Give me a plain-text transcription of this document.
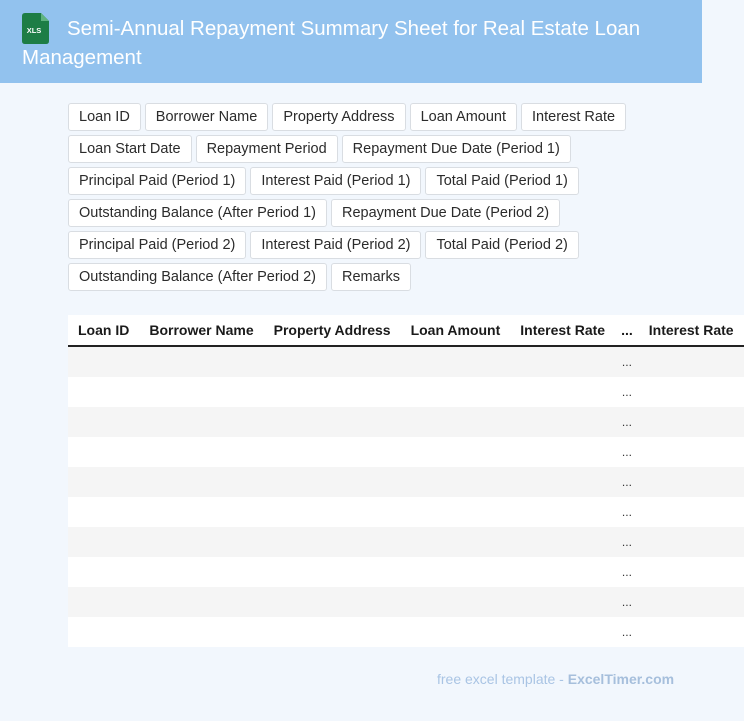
XLS	Semi-Annual Repayment Summary Sheet for Real Estate Loan Management
Loan ID	Borrower Name	Property Address	Loan Amount	Interest Rate
Loan Start Date	Repayment Period	Repayment Due Date (Period 1)
Principal Paid (Period 1)	Interest Paid (Period 1)	Total Paid (Period 1)
Outstanding Balance (After Period 1)	Repayment Due Date (Period 2)
Principal Paid (Period 2)	Interest Paid (Period 2)	Total Paid (Period 2)
Outstanding Balance (After Period 2)	Remarks
Loan ID	Borrower Name	Property Address	Loan Amount	Interest Rate	...	Interest Rate
					...	
					...	
					...	
					...	
					...	
					...	
					...	
					...	
					...	
					...	
free excel template - ExcelTimer.com
